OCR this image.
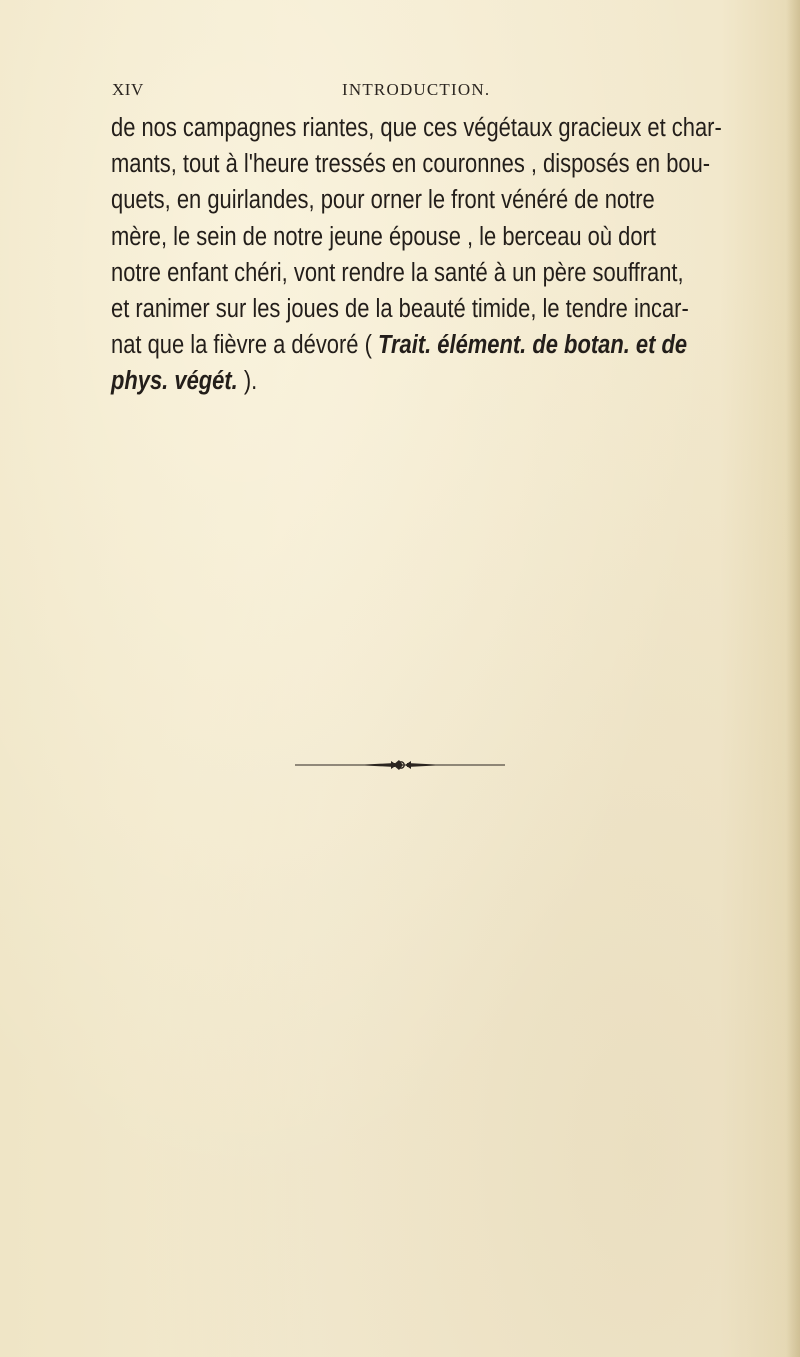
XIV	INTRODUCTION.
de nos campagnes riantes, que ces végétaux gracieux et char-
mants, tout à l'heure tressés en couronnes , disposés en bou-
quets, en guirlandes, pour orner le front vénéré de notre
mère, le sein de notre jeune épouse , le berceau où dort
notre enfant chéri, vont rendre la santé à un père souffrant,
et ranimer sur les joues de la beauté timide, le tendre incar-
nat que la fièvre a dévoré ( Trait. élément. de botan. et de
phys. végét. ).
